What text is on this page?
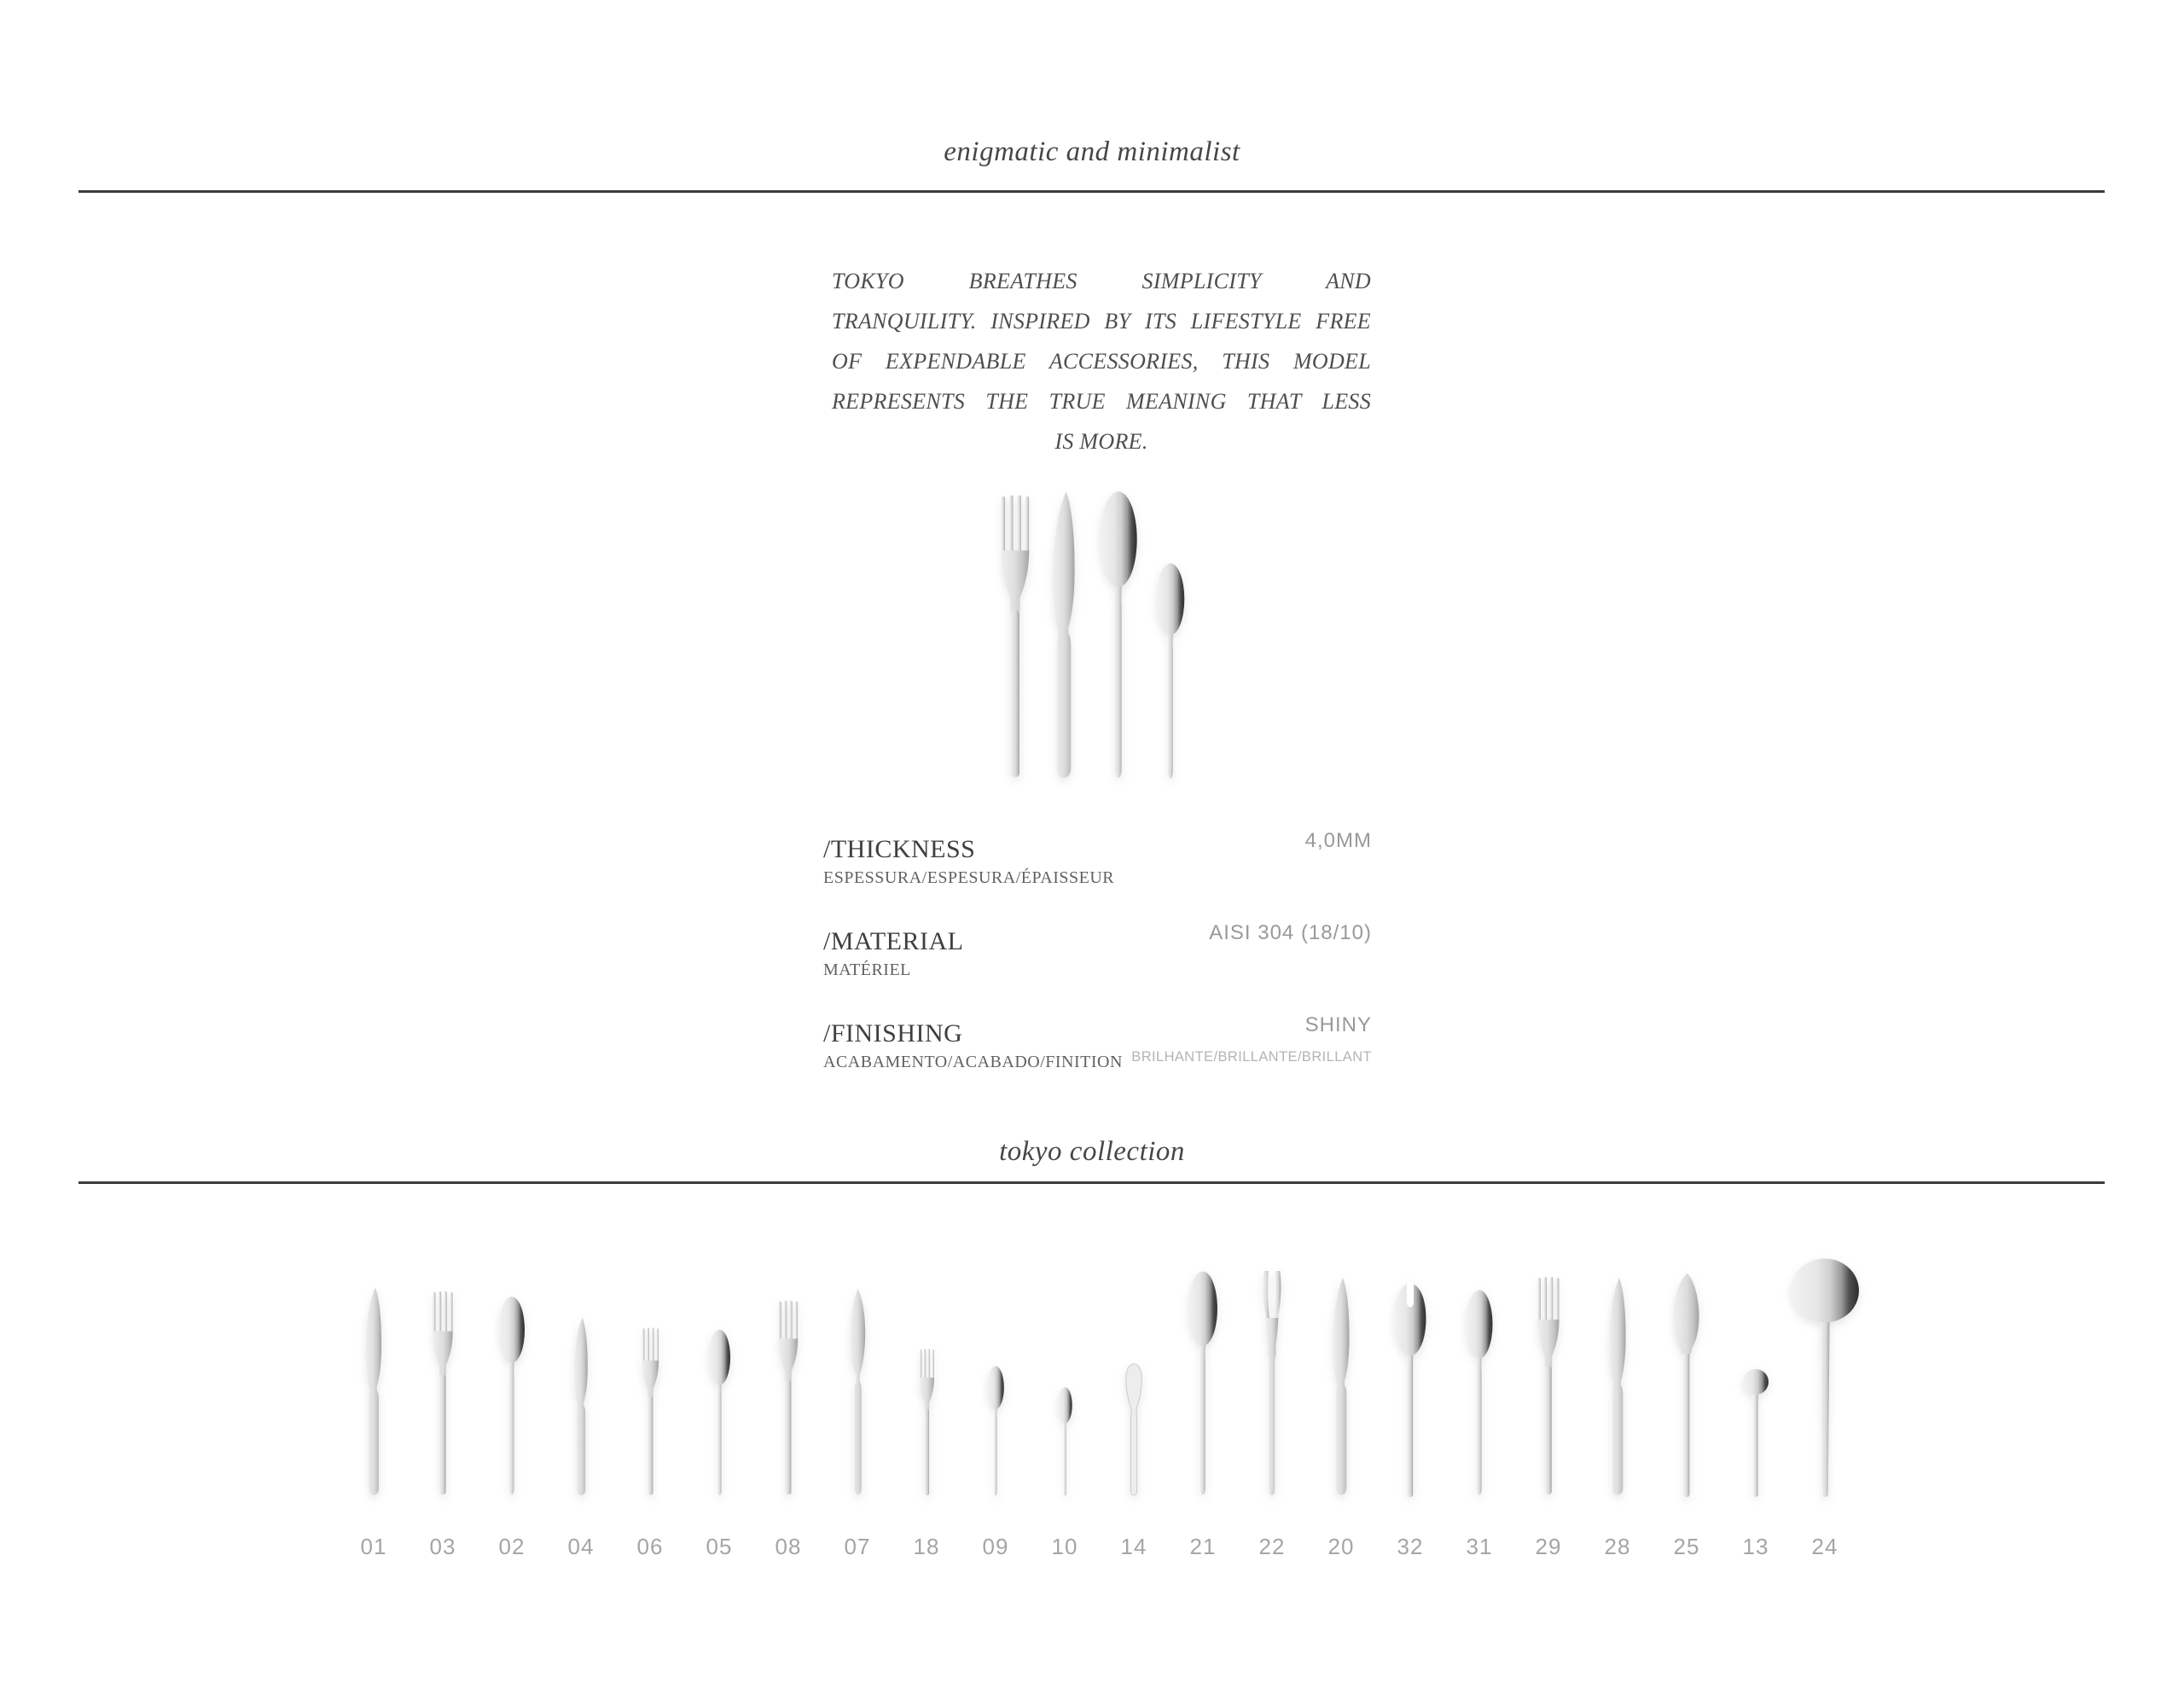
enigmatic and minimalist
TOKYO BREATHES SIMPLICITY AND
TRANQUILITY. INSPIRED BY ITS LIFESTYLE FREE
OF EXPENDABLE ACCESSORIES, THIS MODEL
REPRESENTS THE TRUE MEANING THAT LESS
IS MORE.
/THICKNESS
ESPESSURA/ESPESURA/ÉPAISSEUR
4,0MM
/MATERIAL
MATÉRIEL
AISI 304 (18/10)
/FINISHING
ACABAMENTO/ACABADO/FINITION
SHINY
BRILHANTE/BRILLANTE/BRILLANT
tokyo collection
01	03	02	04	06	05	08	07	18	09	10	14	21	22	20	32	31	29	28	25	13	24
